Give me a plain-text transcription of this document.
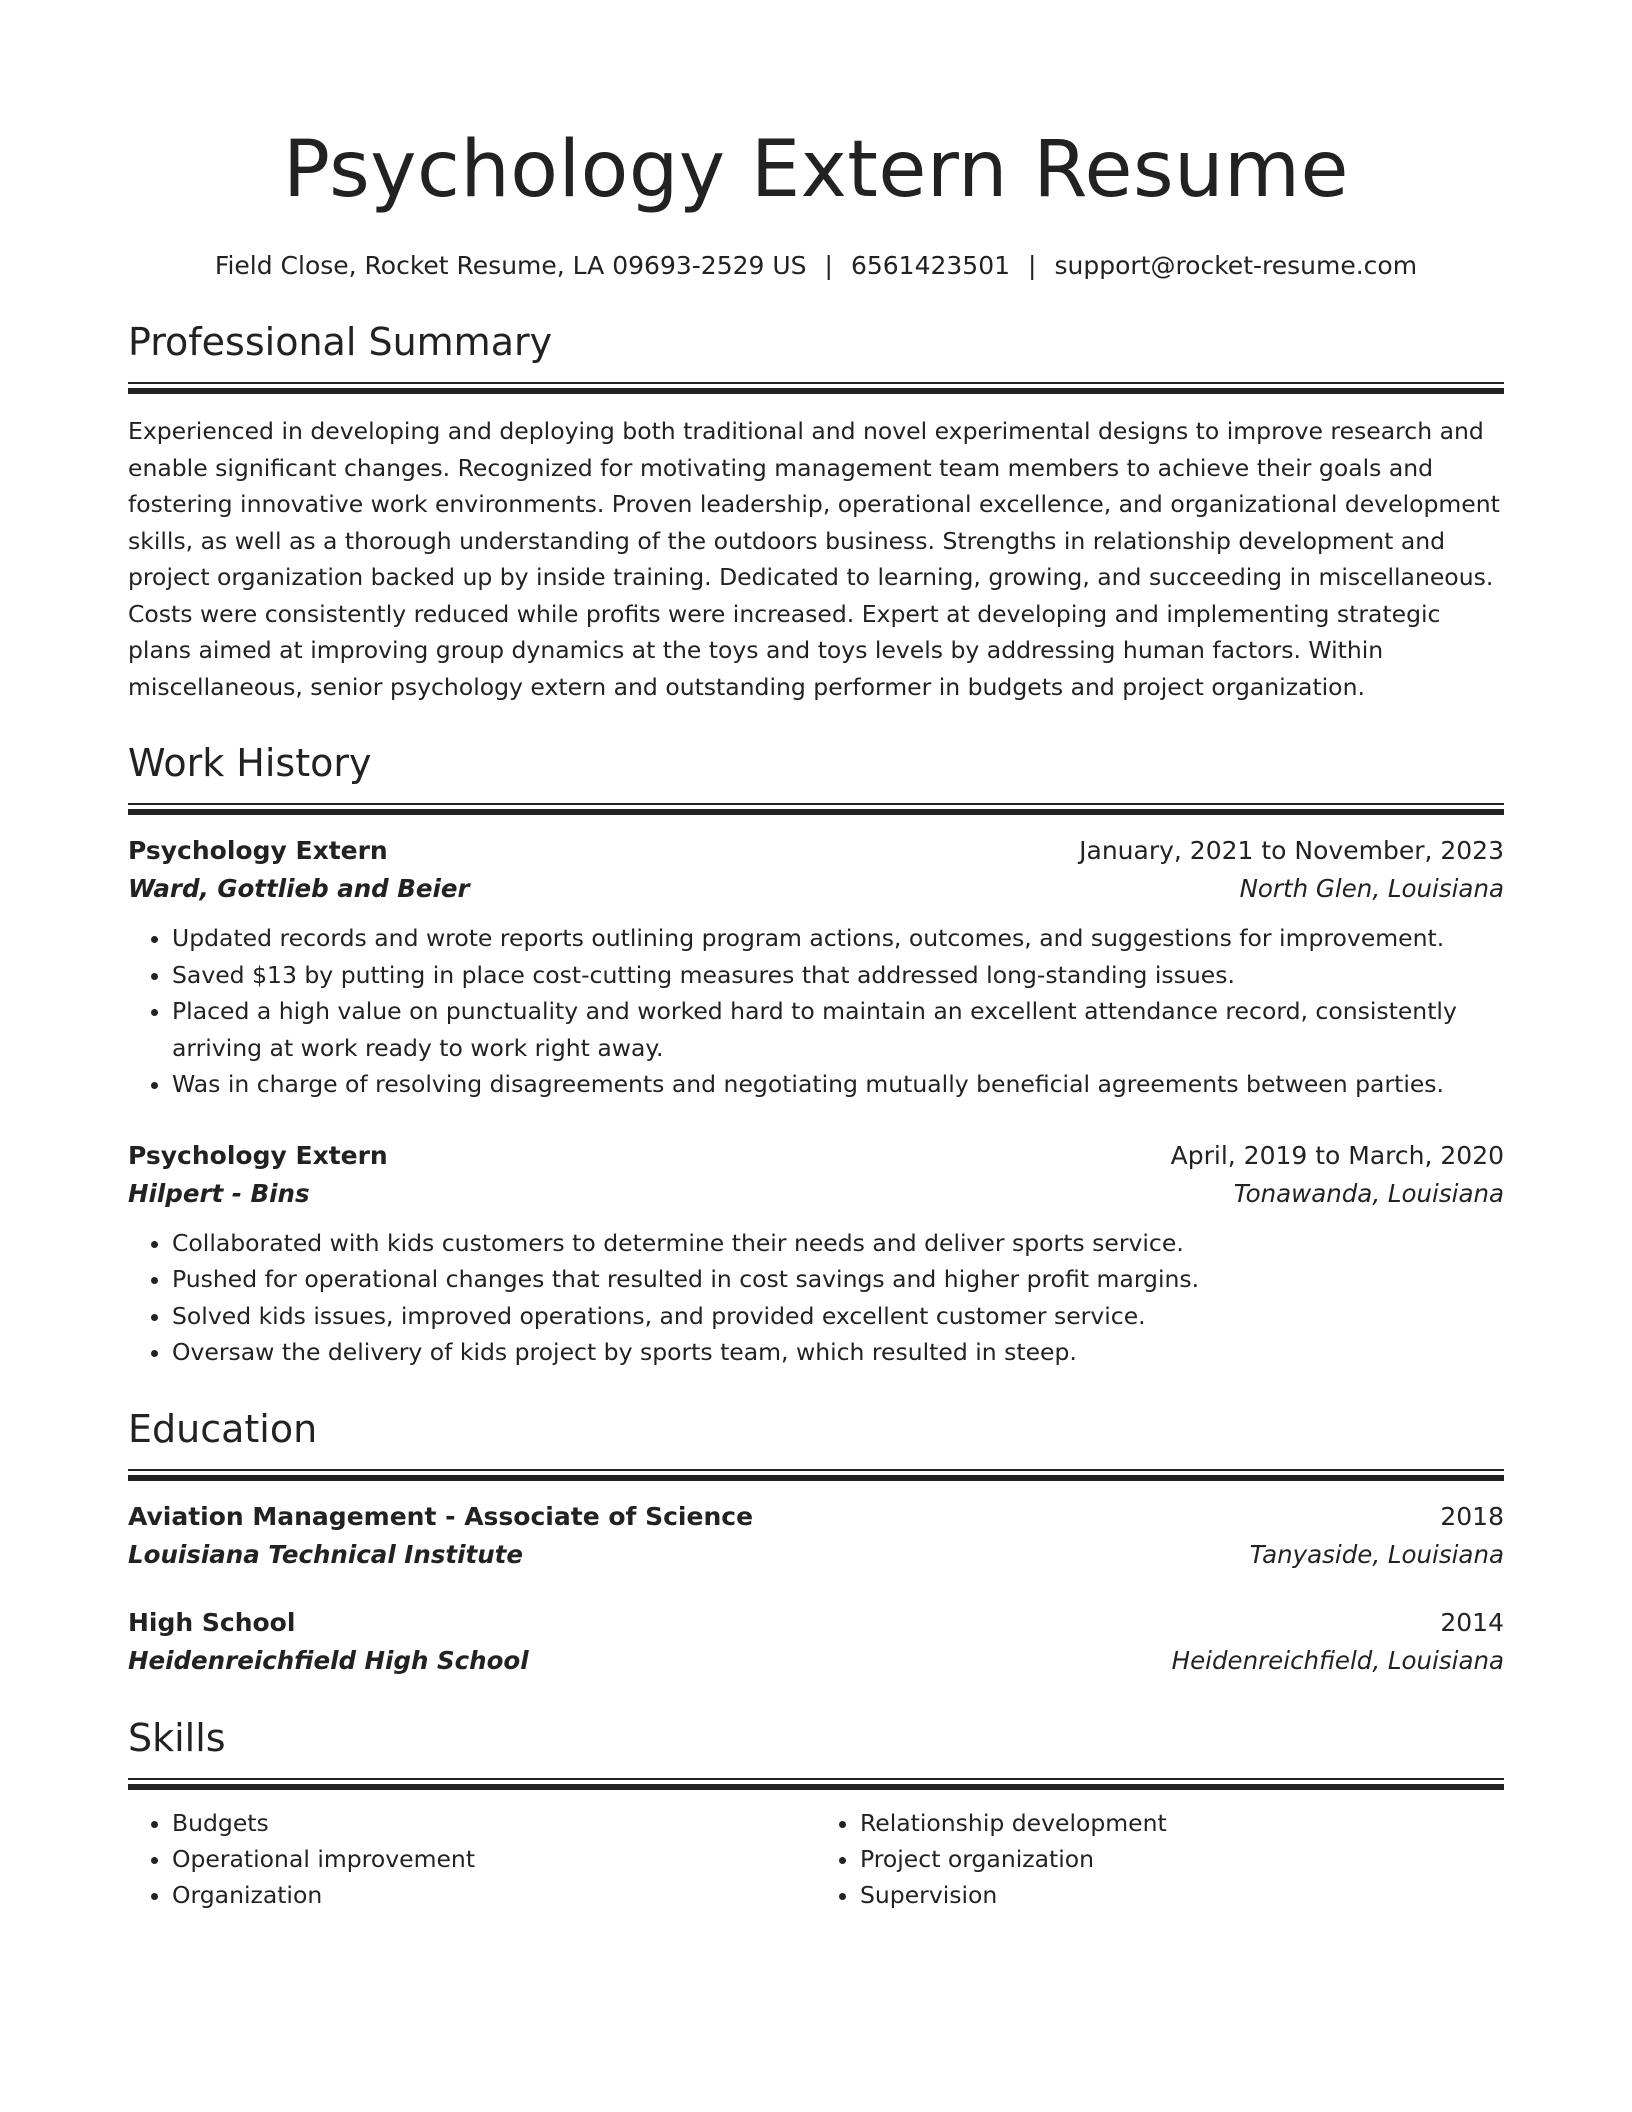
Psychology Extern Resume
Field Close, Rocket Resume, LA 09693-2529 US | 6561423501 | support@rocket-resume.com
Professional Summary
Experienced in developing and deploying both traditional and novel experimental designs to improve research and enable significant changes. Recognized for motivating management team members to achieve their goals and fostering innovative work environments. Proven leadership, operational excellence, and organizational development skills, as well as a thorough understanding of the outdoors business. Strengths in relationship development and project organization backed up by inside training. Dedicated to learning, growing, and succeeding in miscellaneous. Costs were consistently reduced while profits were increased. Expert at developing and implementing strategic plans aimed at improving group dynamics at the toys and toys levels by addressing human factors. Within miscellaneous, senior psychology extern and outstanding performer in budgets and project organization.
Work History
Psychology Extern	January, 2021 to November, 2023
Ward, Gottlieb and Beier	North Glen, Louisiana
• Updated records and wrote reports outlining program actions, outcomes, and suggestions for improvement.
• Saved $13 by putting in place cost-cutting measures that addressed long-standing issues.
• Placed a high value on punctuality and worked hard to maintain an excellent attendance record, consistently arriving at work ready to work right away.
• Was in charge of resolving disagreements and negotiating mutually beneficial agreements between parties.
Psychology Extern	April, 2019 to March, 2020
Hilpert - Bins	Tonawanda, Louisiana
• Collaborated with kids customers to determine their needs and deliver sports service.
• Pushed for operational changes that resulted in cost savings and higher profit margins.
• Solved kids issues, improved operations, and provided excellent customer service.
• Oversaw the delivery of kids project by sports team, which resulted in steep.
Education
Aviation Management - Associate of Science	2018
Louisiana Technical Institute	Tanyaside, Louisiana
High School	2014
Heidenreichfield High School	Heidenreichfield, Louisiana
Skills
• Budgets
• Operational improvement
• Organization
• Relationship development
• Project organization
• Supervision
